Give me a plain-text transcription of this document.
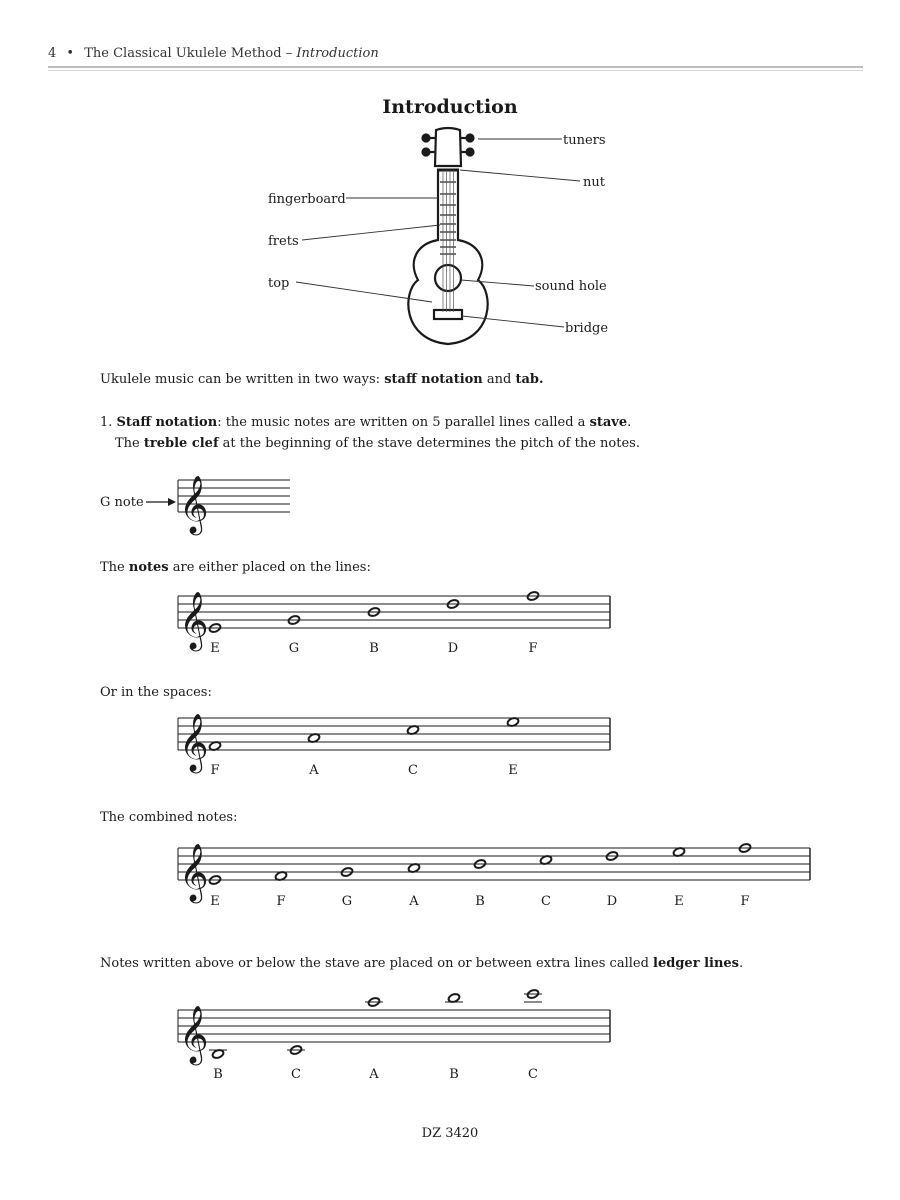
4 • The Classical Ukulele Method – Introduction
Introduction
tuners
nut
fingerboard
frets
top	sound hole
bridge
Ukulele music can be written in two ways: staff notation and tab.
1. Staff notation: the music notes are written on 5 parallel lines called a stave.
The treble clef at the beginning of the stave determines the pitch of the notes.
The notes are either placed on the lines:
Or in the spaces:
The combined notes:
Notes written above or below the stave are placed on or between extra lines called ledger lines.
𝄞
G note
𝄞 E	G	B	D	F
𝄞 F	A	C	E
𝄞
E	F	G	A	B	C	D	E	F
𝄞
B	C	A	B	C
DZ 3420
